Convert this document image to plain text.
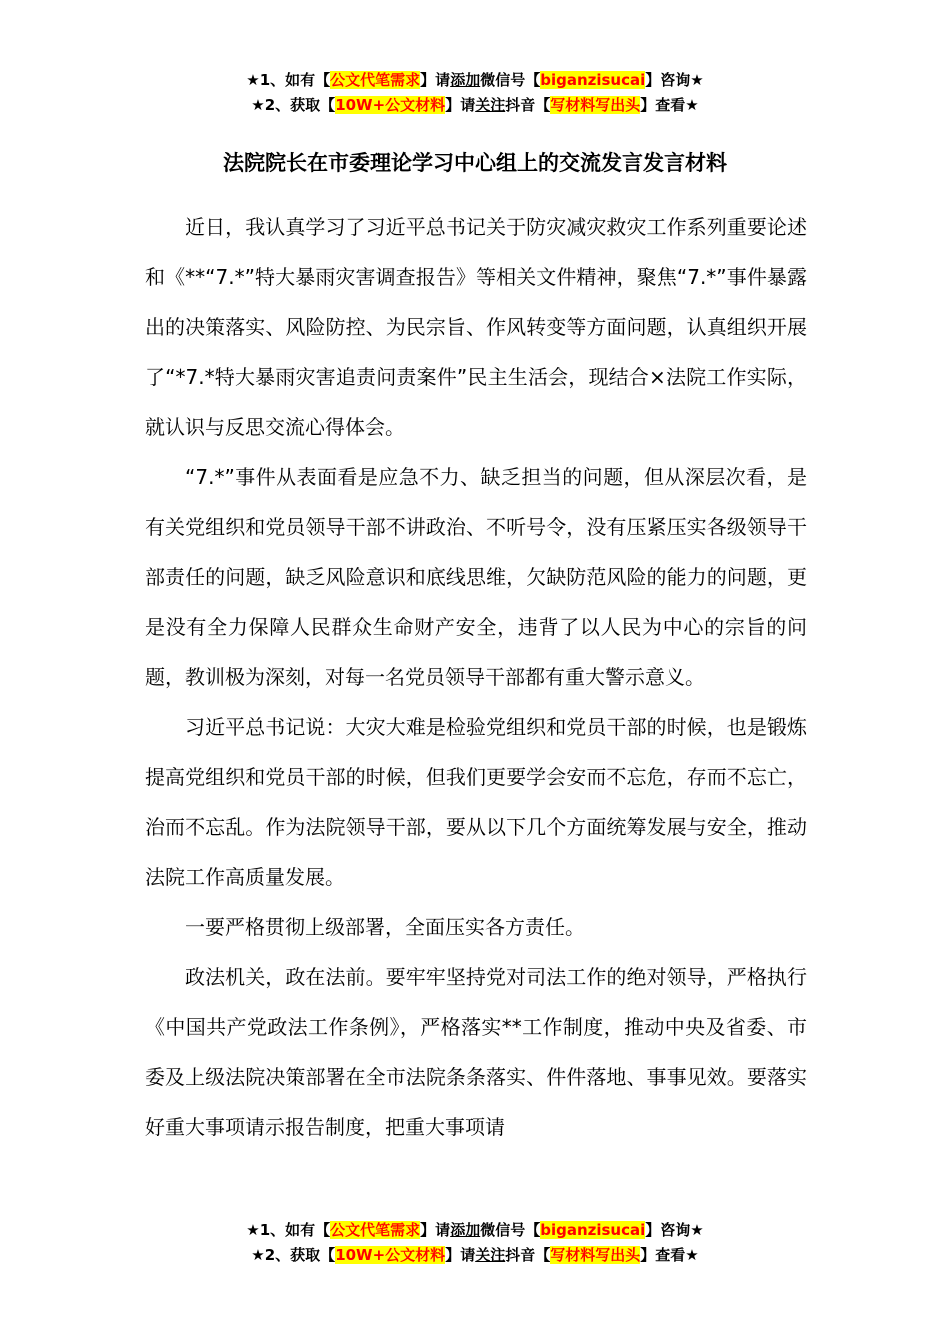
★1、如有【公文代笔需求】请添加微信号【biganzisucai】咨询★
★2、获取【10W+公文材料】请关注抖音【写材料写出头】查看★
法院院长在市委理论学习中心组上的交流发言发言材料

近日，我认真学习了习近平总书记关于防灾减灾救灾工作系列重要论述和《**“7.*”特大暴雨灾害调查报告》等相关文件精神，聚焦“7.*”事件暴露出的决策落实、风险防控、为民宗旨、作风转变等方面问题，认真组织开展了“*7.*特大暴雨灾害追责问责案件”民主生活会，现结合×法院工作实际，就认识与反思交流心得体会。

“7.*”事件从表面看是应急不力、缺乏担当的问题，但从深层次看，是有关党组织和党员领导干部不讲政治、不听号令，没有压紧压实各级领导干部责任的问题，缺乏风险意识和底线思维，欠缺防范风险的能力的问题，更是没有全力保障人民群众生命财产安全，违背了以人民为中心的宗旨的问题，教训极为深刻，对每一名党员领导干部都有重大警示意义。

习近平总书记说：大灾大难是检验党组织和党员干部的时候，也是锻炼提高党组织和党员干部的时候，但我们更要学会安而不忘危，存而不忘亡，治而不忘乱。作为法院领导干部，要从以下几个方面统筹发展与安全，推动法院工作高质量发展。

一要严格贯彻上级部署，全面压实各方责任。

政法机关，政在法前。要牢牢坚持党对司法工作的绝对领导，严格执行《中国共产党政法工作条例》，严格落实**工作制度，推动中央及省委、市委及上级法院决策部署在全市法院条条落实、件件落地、事事见效。要落实好重大事项请示报告制度，把重大事项请

★1、如有【公文代笔需求】请添加微信号【biganzisucai】咨询★
★2、获取【10W+公文材料】请关注抖音【写材料写出头】查看★
